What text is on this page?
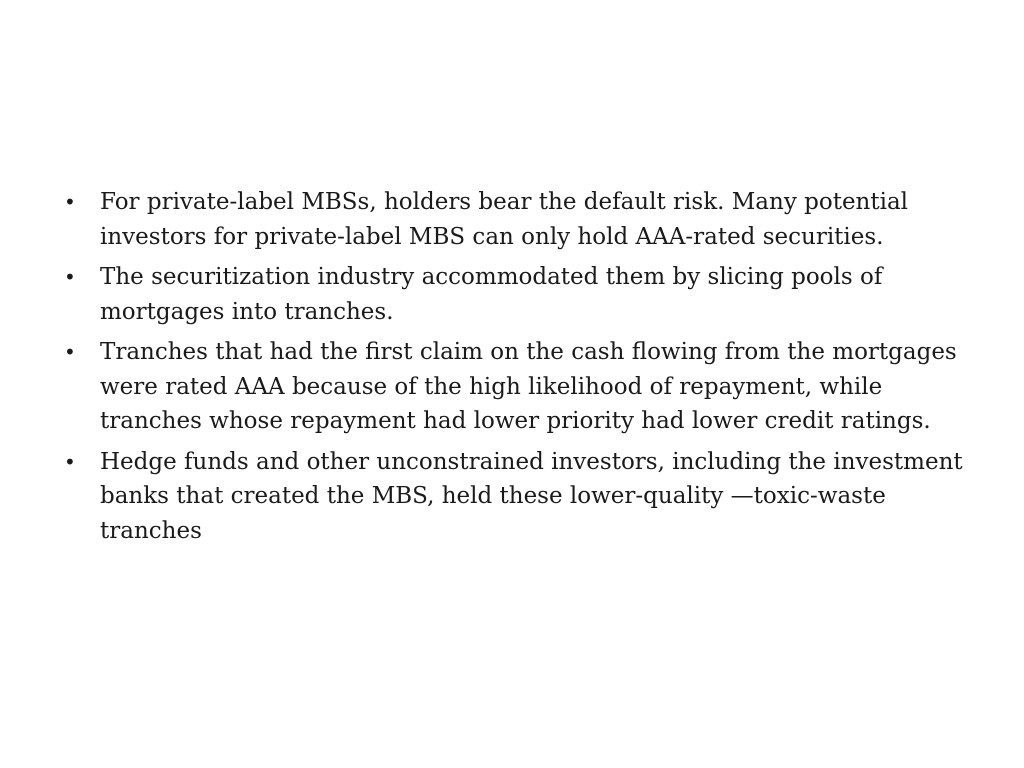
• For private-label MBSs, holders bear the default risk. Many potential investors for private-label MBS can only hold AAA-rated securities.
• The securitization industry accommodated them by slicing pools of mortgages into tranches.
• Tranches that had the first claim on the cash flowing from the mortgages were rated AAA because of the high likelihood of repayment, while tranches whose repayment had lower priority had lower credit ratings.
• Hedge funds and other unconstrained investors, including the investment banks that created the MBS, held these lower-quality —toxic-waste tranches
